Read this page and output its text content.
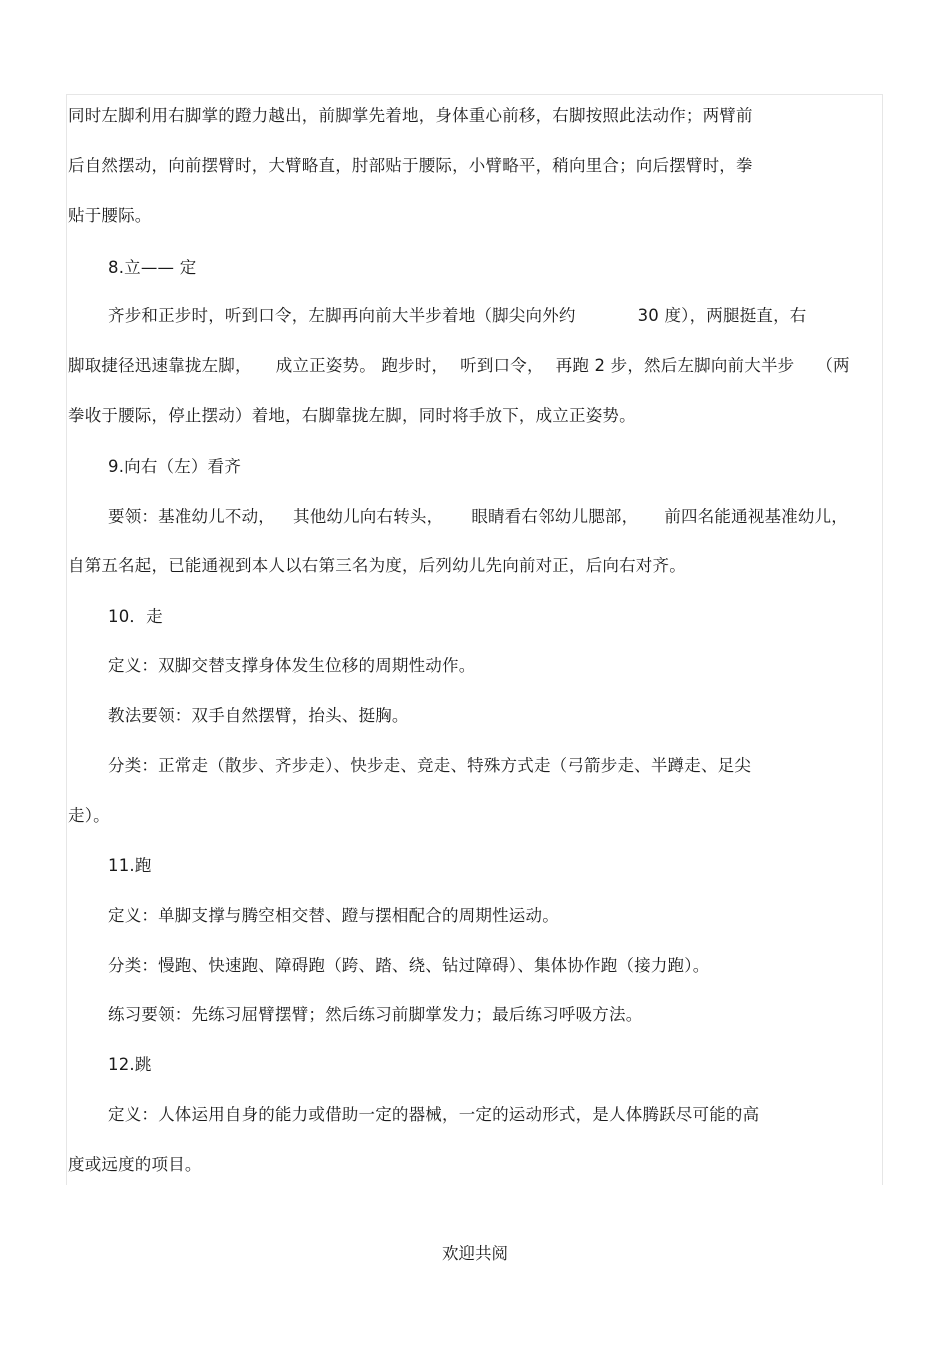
同时左脚利用右脚掌的蹬力越出，前脚掌先着地，身体重心前移，右脚按照此法动作；两臂前
后自然摆动，向前摆臂时，大臂略直，肘部贴于腰际，小臂略平，稍向里合；向后摆臂时，拳
贴于腰际。
8.立—— 定
齐步和正步时，听到口令，左脚再向前大半步着地（脚尖向外约	30 度），两腿挺直，右
脚取捷径迅速靠拢左脚， 成立正姿势。 跑步时， 听到口令， 再跑 2 步，然后左脚向前大半步 （两
拳收于腰际，停止摆动）着地，右脚靠拢左脚，同时将手放下，成立正姿势。
9.向右（左）看齐
要领：基准幼儿不动， 其他幼儿向右转头， 眼睛看右邻幼儿腮部， 前四名能通视基准幼儿，
自第五名起，已能通视到本人以右第三名为度，后列幼儿先向前对正，后向右对齐。
10．走
定义：双脚交替支撑身体发生位移的周期性动作。
教法要领：双手自然摆臂，抬头、挺胸。
分类：正常走（散步、齐步走）、快步走、竞走、特殊方式走（弓箭步走、半蹲走、足尖
走）。
11.跑
定义：单脚支撑与腾空相交替、蹬与摆相配合的周期性运动。
分类：慢跑、快速跑、障碍跑（跨、踏、绕、钻过障碍）、集体协作跑（接力跑）。
练习要领：先练习屈臂摆臂；然后练习前脚掌发力；最后练习呼吸方法。
12.跳
定义：人体运用自身的能力或借助一定的器械，一定的运动形式，是人体腾跃尽可能的高
度或远度的项目。
欢迎共阅
